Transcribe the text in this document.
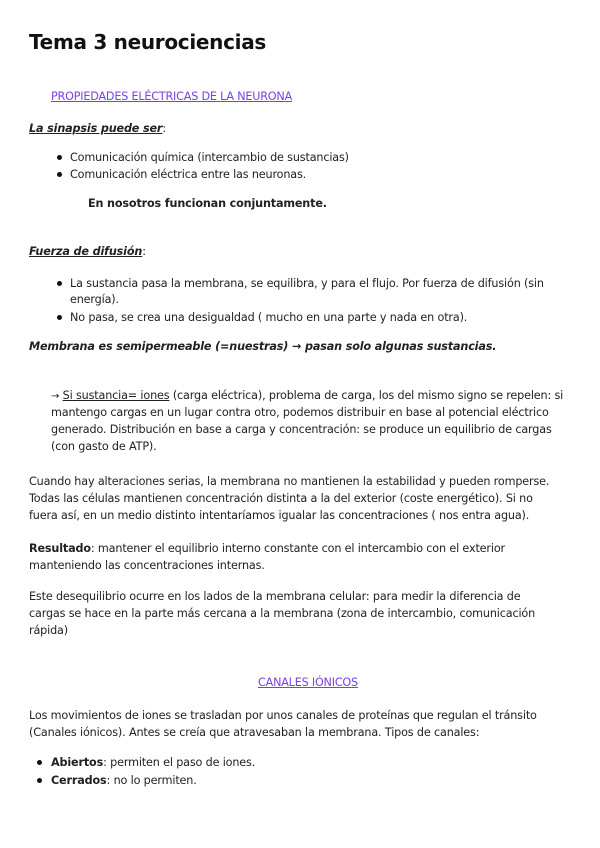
Tema 3 neurociencias
PROPIEDADES ELÉCTRICAS DE LA NEURONA
La sinapsis puede ser:
Comunicación química (intercambio de sustancias)
Comunicación eléctrica entre las neuronas.
En nosotros funcionan conjuntamente.
Fuerza de difusión:
La sustancia pasa la membrana, se equilibra, y para el flujo. Por fuerza de difusión (sin
energía).
No pasa, se crea una desigualdad ( mucho en una parte y nada en otra).
Membrana es semipermeable (=nuestras) → pasan solo algunas sustancias.
→ Si sustancia= iones (carga eléctrica), problema de carga, los del mismo signo se repelen: si
mantengo cargas en un lugar contra otro, podemos distribuir en base al potencial eléctrico
generado. Distribución en base a carga y concentración: se produce un equilibrio de cargas
(con gasto de ATP).
Cuando hay alteraciones serias, la membrana no mantienen la estabilidad y pueden romperse.
Todas las células mantienen concentración distinta a la del exterior (coste energético). Si no
fuera así, en un medio distinto intentaríamos igualar las concentraciones ( nos entra agua).
Resultado: mantener el equilibrio interno constante con el intercambio con el exterior
manteniendo las concentraciones internas.
Este desequilibrio ocurre en los lados de la membrana celular: para medir la diferencia de
cargas se hace en la parte más cercana a la membrana (zona de intercambio, comunicación
rápida)
CANALES IÓNICOS
Los movimientos de iones se trasladan por unos canales de proteínas que regulan el tránsito
(Canales iónicos). Antes se creía que atravesaban la membrana. Tipos de canales:
Abiertos: permiten el paso de iones.
Cerrados: no lo permiten.
